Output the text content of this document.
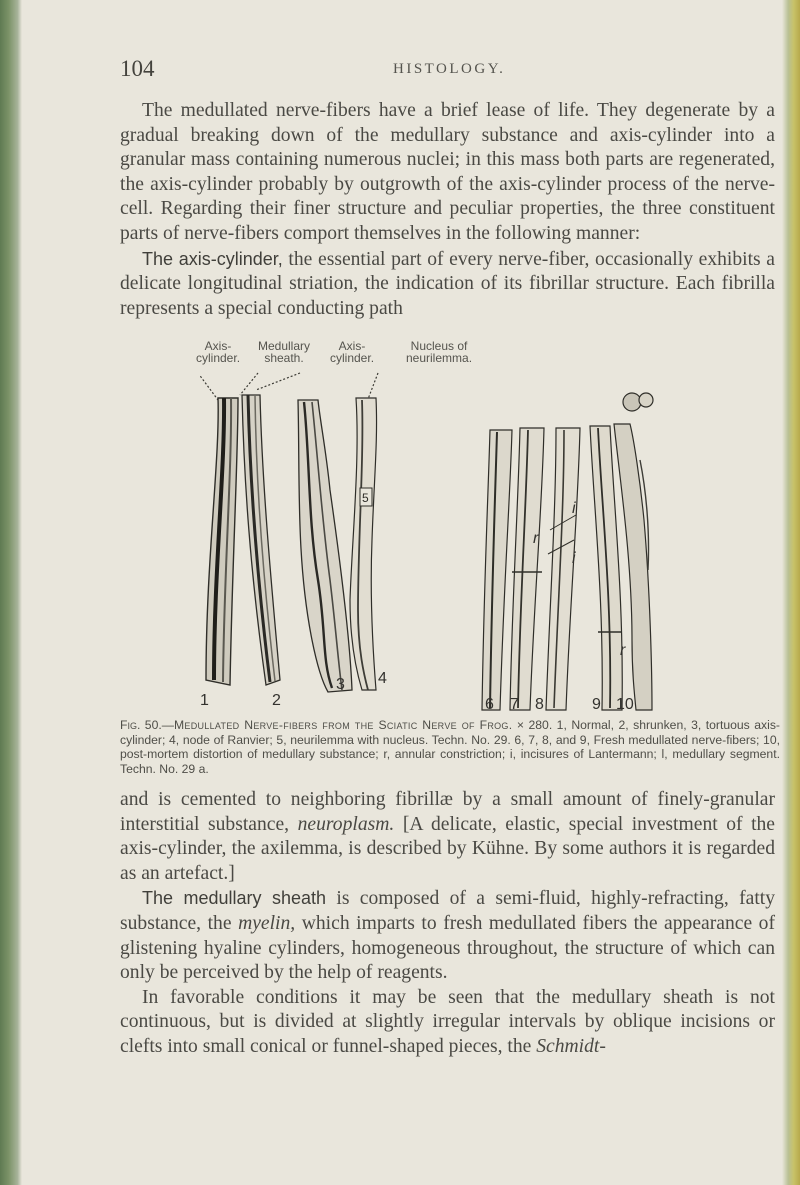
104	HISTOLOGY.

The medullated nerve-fibers have a brief lease of life. They degenerate by a gradual breaking down of the medullary substance and axis-cylinder into a granular mass containing numerous nuclei; in this mass both parts are regenerated, the axis-cylinder probably by outgrowth of the axis-cylinder process of the nerve-cell. Regarding their finer structure and peculiar properties, the three constituent parts of nerve-fibers comport themselves in the following manner:

The axis-cylinder, the essential part of every nerve-fiber, occasionally exhibits a delicate longitudinal striation, the indication of its fibrillar structure. Each fibrilla represents a special conducting path

Axis-
cylinder.
Medullary
sheath.
Axis-
cylinder.
Nucleus of
neurilemma.
5
r
r
i
i
1	2
3 4
6 7 8	9 10
Fig. 50.—Medullated Nerve-fibers from the Sciatic Nerve of Frog. × 280. 1, Normal, 2, shrunken, 3, tortuous axis-cylinder; 4, node of Ranvier; 5, neurilemma with nucleus. Techn. No. 29. 6, 7, 8, and 9, Fresh medullated nerve-fibers; 10, post-mortem distortion of medullary substance; r, annular constriction; i, incisures of Lantermann; l, medullary segment. Techn. No. 29 a.

and is cemented to neighboring fibrillæ by a small amount of finely-granular interstitial substance, neuroplasm. [A delicate, elastic, special investment of the axis-cylinder, the axilemma, is described by Kühne. By some authors it is regarded as an artefact.]

The medullary sheath is composed of a semi-fluid, highly-refracting, fatty substance, the myelin, which imparts to fresh medullated fibers the appearance of glistening hyaline cylinders, homogeneous throughout, the structure of which can only be perceived by the help of reagents.

In favorable conditions it may be seen that the medullary sheath is not continuous, but is divided at slightly irregular intervals by oblique incisions or clefts into small conical or funnel-shaped pieces, the Schmidt-
